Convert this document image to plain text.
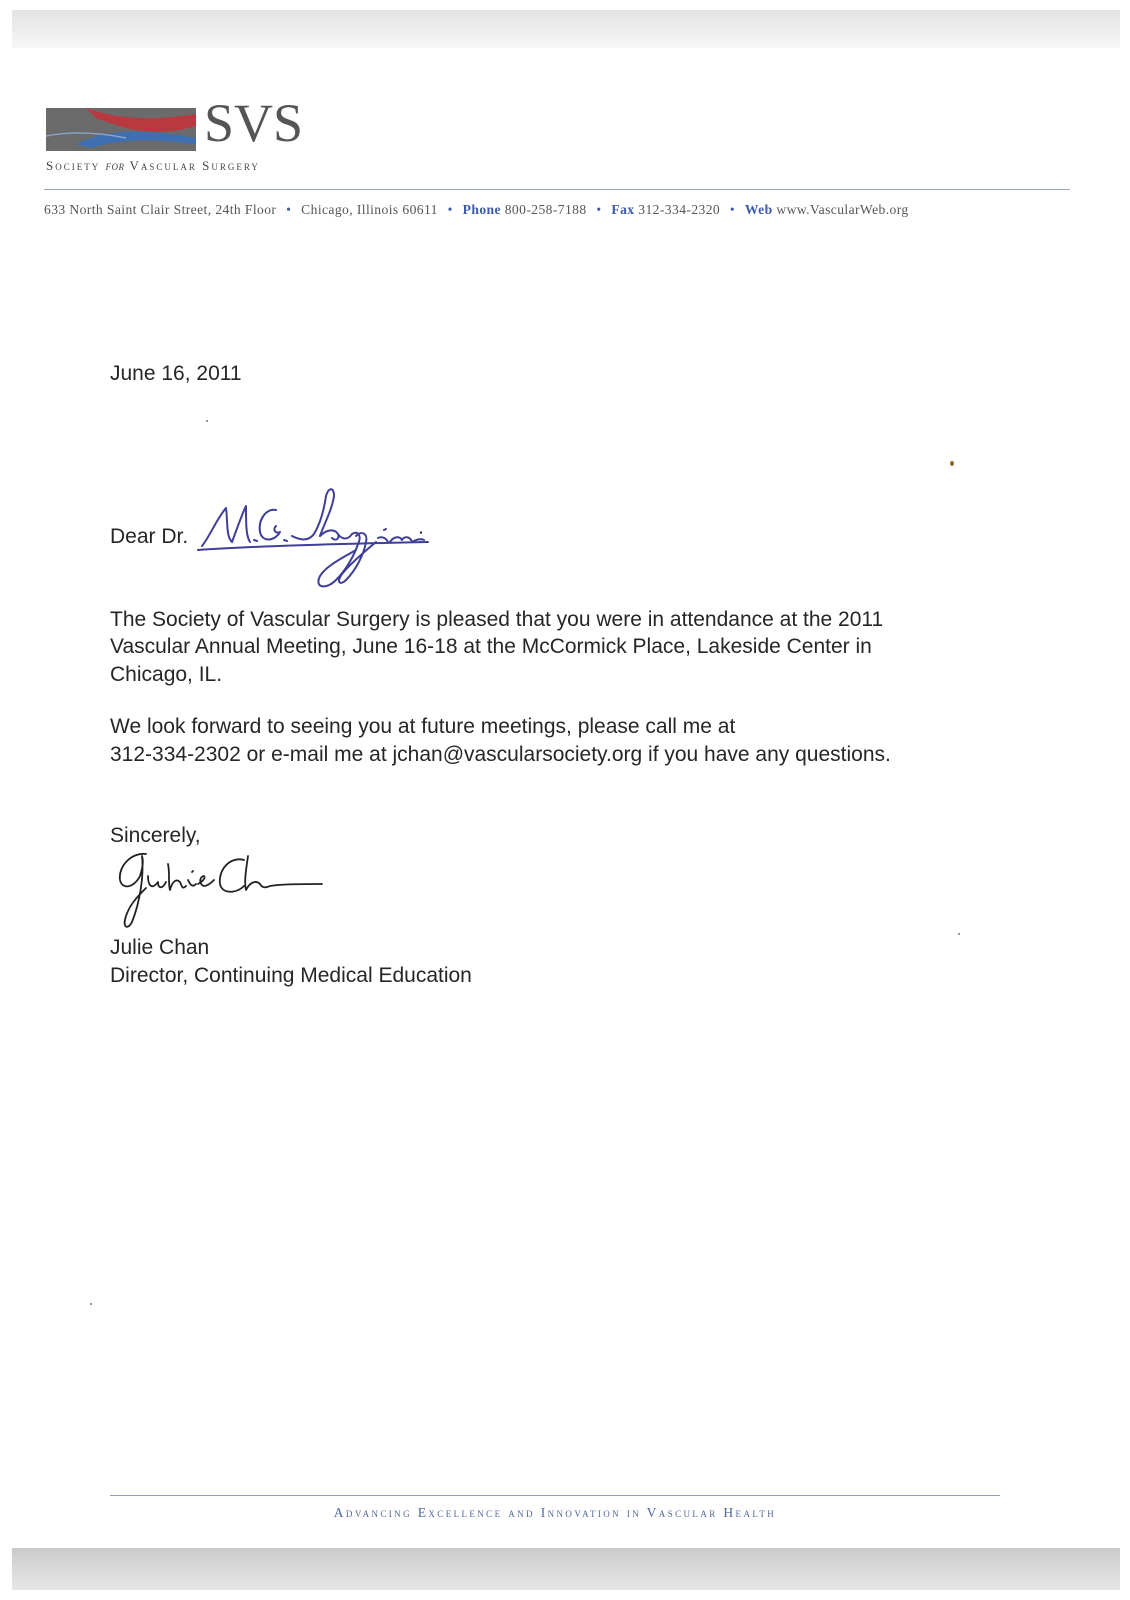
SVS
Society for Vascular Surgery
633 North Saint Clair Street, 24th Floor • Chicago, Illinois 60611 • Phone 800-258-7188 • Fax 312-334-2320 • Web www.VascularWeb.org
June 16, 2011
Dear Dr.	:
The Society of Vascular Surgery is pleased that you were in attendance at the 2011
Vascular Annual Meeting, June 16-18 at the McCormick Place, Lakeside Center in
Chicago, IL.
We look forward to seeing you at future meetings, please call me at
312-334-2302 or e-mail me at jchan@vascularsociety.org if you have any questions.
Sincerely,
Julie Chan
Director, Continuing Medical Education
Advancing Excellence and Innovation in Vascular Health
